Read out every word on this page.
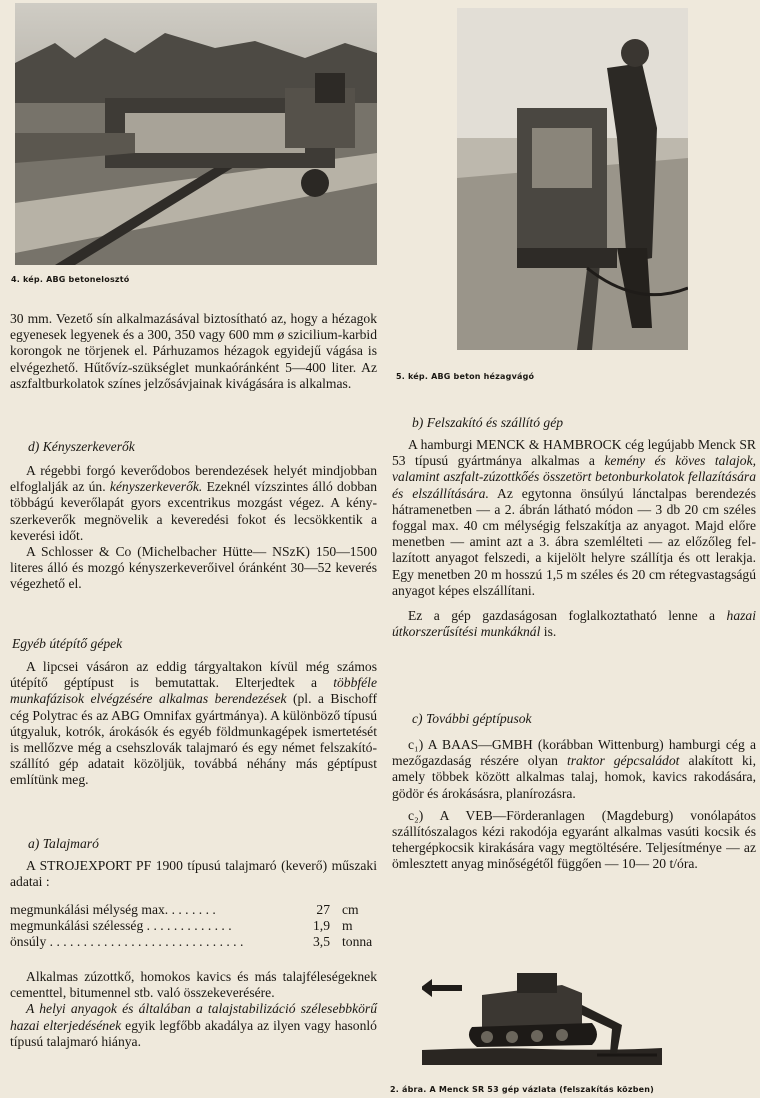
4. kép. ABG betonelosztó

30 mm. Vezető sín alkalmazásával biztosítható az, hogy a hézagok egyenesek legyenek és a 300, 350 vagy 600 mm ø szicilium-karbid korongok ne törjenek el. Párhuzamos hézagok egyidejű vágása is elvégezhető. Hűtővíz-szükséglet munkaóránként 5—400 liter. Az aszfaltburkolatok színes jelzősávjainak kivágására is alkalmas.

d) Kényszerkeverők

A régebbi forgó keverődobos berendezések helyét mindjobban elfoglalják az ún. kényszerkeverők. Ezeknél vízszintes álló dobban többágú keverőlapát gyors excentrikus mozgást végez. A kényszerkeverők megnövelik a keveredési fokot és lecsökkentik a keverési időt.

A Schlosser & Co (Michelbacher Hütte— NSzK) 150—1500 literes álló és mozgó kényszerkeverőivel óránként 30—52 keverés végezhető el.

Egyéb útépítő gépek

A lipcsei vásáron az eddig tárgyaltakon kívül még számos útépítő géptípust is bemutattak. Elterjedtek a többféle munkafázisok elvégzésére alkalmas berendezések (pl. a Bischoff cég Polytrac és az ABG Omnifax gyártmánya). A különböző típusú útgyaluk, kotrók, árokásók és egyéb földmunkagépek ismertetését is mellőzve még a csehszlovák talajmaró és egy német felszakítószállító gép adatait közöljük, továbbá néhány más géptípust említünk meg.

a) Talajmaró

A STROJEXPORT PF 1900 típusú talajmaró (keverő) műszaki adatai :

megmunkálási mélység max. . . . . . . .	27 cm
megmunkálási szélesség . . . . . . . . . . . . .	1,9 m
önsúly . . . . . . . . . . . . . . . . . . . . . . . . . . . . .	3,5 tonna

Alkalmas zúzottkő, homokos kavics és más talajféleségeknek cementtel, bitumennel stb. való összekeverésére.

A helyi anyagok és általában a talajstabilizáció szélesebbkörű hazai elterjedésének egyik legfőbb akadálya az ilyen vagy hasonló típusú talajmaró hiánya.

5. kép. ABG beton hézagvágó
b) Felszakító és szállító gép

A hamburgi MENCK & HAMBROCK cég legújabb Menck SR 53 típusú gyártmánya alkalmas a kemény és köves talajok, valamint aszfalt-zúzottkőés összetört betonburkolatok fellazítására és elszállítására. Az egytonna önsúlyú lánctalpas berendezés hátramenetben — a 2. ábrán látható módon — 3 db 20 cm széles foggal max. 40 cm mélységig felszakítja az anyagot. Majd előre menetben — amint azt a 3. ábra szemlélteti — az előzőleg fellazított anyagot felszedi, a kijelölt helyre szállítja és ott lerakja. Egy menetben 20 m hosszú 1,5 m széles és 20 cm rétegvastagságú anyagot képes elszállítani.

Ez a gép gazdaságosan foglalkoztatható lenne a hazai útkorszerűsítési munkáknál is.

c) További géptípusok

c₁) A BAAS—GMBH (korábban Wittenburg) hamburgi cég a mezőgazdaság részére olyan traktor gépcsaládot alakított ki, amely többek között alkalmas talaj, homok, kavics rakodására, gödör és árokásásra, planírozásra.

c₂) A VEB—Förderanlagen (Magdeburg) vonólapátos szállítószalagos kézi rakodója egyaránt alkalmas vasúti kocsik és tehergépkocsik kirakására vagy megtöltésére. Teljesítménye — az ömlesztett anyag minőségétől függően — 10— 20 t/óra.

2. ábra. A Menck SR 53 gép vázlata (felszakítás közben)
